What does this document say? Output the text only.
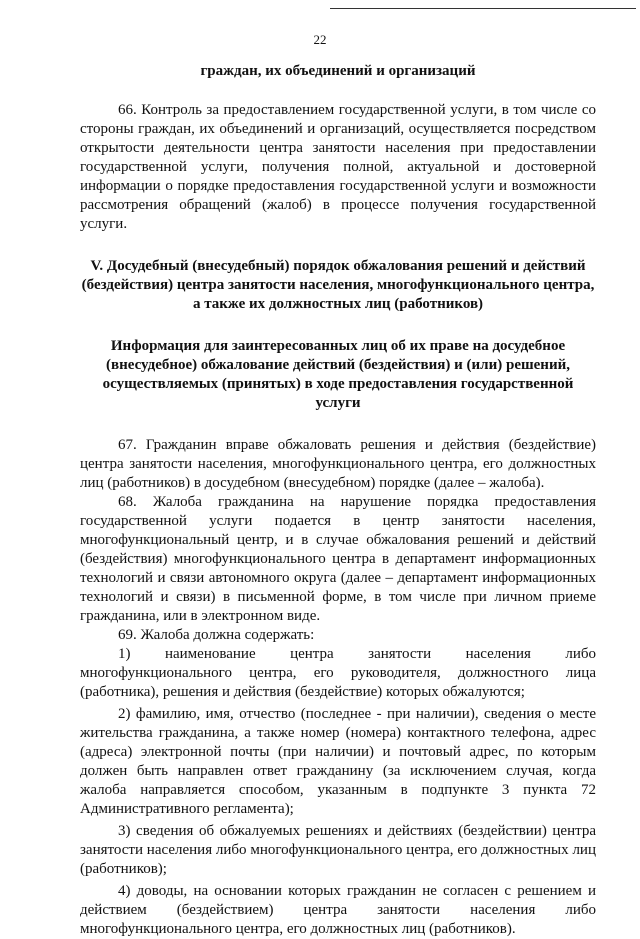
22

граждан, их объединений и организаций

66. Контроль за предоставлением государственной услуги, в том числе со стороны граждан, их объединений и организаций, осуществляется посредством открытости деятельности центра занятости населения при предоставлении государственной услуги, получения полной, актуальной и достоверной информации о порядке предоставления государственной услуги и возможности рассмотрения обращений (жалоб) в процессе получения государственной услуги.

V. Досудебный (внесудебный) порядок обжалования решений и действий (бездействия) центра занятости населения, многофункционального центра, а также их должностных лиц (работников)

Информация для заинтересованных лиц об их праве на досудебное (внесудебное) обжалование действий (бездействия) и (или) решений, осуществляемых (принятых) в ходе предоставления государственной услуги

67. Гражданин вправе обжаловать решения и действия (бездействие) центра занятости населения, многофункционального центра, его должностных лиц (работников) в досудебном (внесудебном) порядке (далее – жалоба).

68. Жалоба гражданина на нарушение порядка предоставления государственной услуги подается в центр занятости населения, многофункциональный центр, и в случае обжалования решений и действий (бездействия) многофункционального центра в департамент информационных технологий и связи автономного округа (далее – департамент информационных технологий и связи) в письменной форме, в том числе при личном приеме гражданина, или в электронном виде.

69. Жалоба должна содержать:

1) наименование центра занятости населения либо многофункционального центра, его руководителя, должностного лица (работника), решения и действия (бездействие) которых обжалуются;

2) фамилию, имя, отчество (последнее - при наличии), сведения о месте жительства гражданина, а также номер (номера) контактного телефона, адрес (адреса) электронной почты (при наличии) и почтовый адрес, по которым должен быть направлен ответ гражданину (за исключением случая, когда жалоба направляется способом, указанным в подпункте 3 пункта 72 Административного регламента);

3) сведения об обжалуемых решениях и действиях (бездействии) центра занятости населения либо многофункционального центра, его должностных лиц (работников);

4) доводы, на основании которых гражданин не согласен с решением и действием (бездействием) центра занятости населения либо многофункционального центра, его должностных лиц (работников).
